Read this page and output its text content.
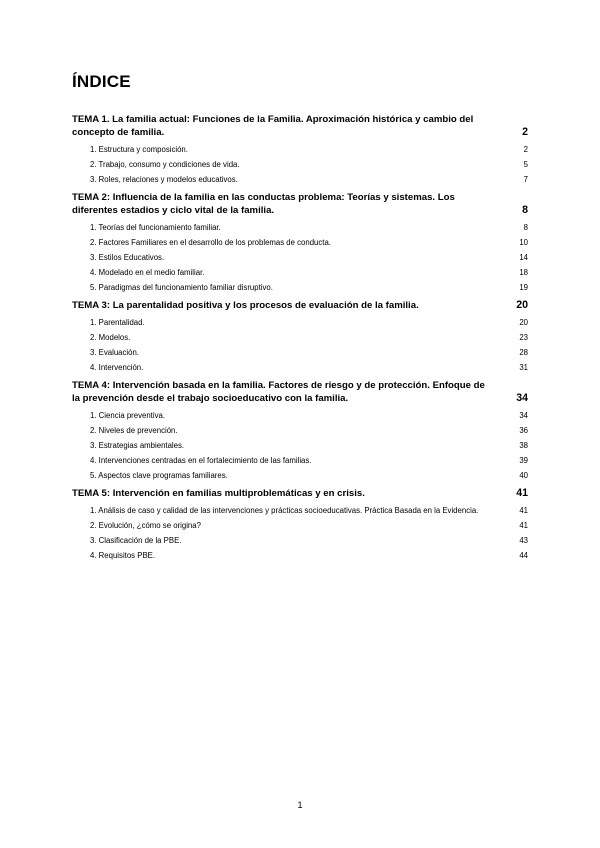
ÍNDICE
TEMA 1. La familia actual: Funciones de la Familia. Aproximación histórica y cambio del concepto de familia.	2
1. Estructura y composición.	2
2. Trabajo, consumo y condiciones de vida.	5
3. Roles, relaciones y modelos educativos.	7
TEMA 2: Influencia de la familia en las conductas problema: Teorías y sistemas. Los diferentes estadios y ciclo vital de la familia.	8
1. Teorías del funcionamiento familiar.	8
2. Factores Familiares en el desarrollo de los problemas de conducta.	10
3. Estilos Educativos.	14
4. Modelado en el medio familiar.	18
5. Paradigmas del funcionamiento familiar disruptivo.	19
TEMA 3: La parentalidad positiva y los procesos de evaluación de la familia.	20
1. Parentalidad.	20
2. Modelos.	23
3. Evaluación.	28
4. Intervención.	31
TEMA 4: Intervención basada en la familia. Factores de riesgo y de protección. Enfoque de la prevención desde el trabajo socioeducativo con la familia.	34
1. Ciencia preventiva.	34
2. Niveles de prevención.	36
3. Estrategias ambientales.	38
4. Intervenciones centradas en el fortalecimiento de las familias.	39
5. Aspectos clave programas familiares.	40
TEMA 5: Intervención en familias multiproblemáticas y en crisis.	41
1. Análisis de caso y calidad de las intervenciones y prácticas socioeducativas. Práctica Basada en la Evidencia.	41
2. Evolución, ¿cómo se origina?	41
3. Clasificación de la PBE.	43
4. Requisitos PBE.	44
1
